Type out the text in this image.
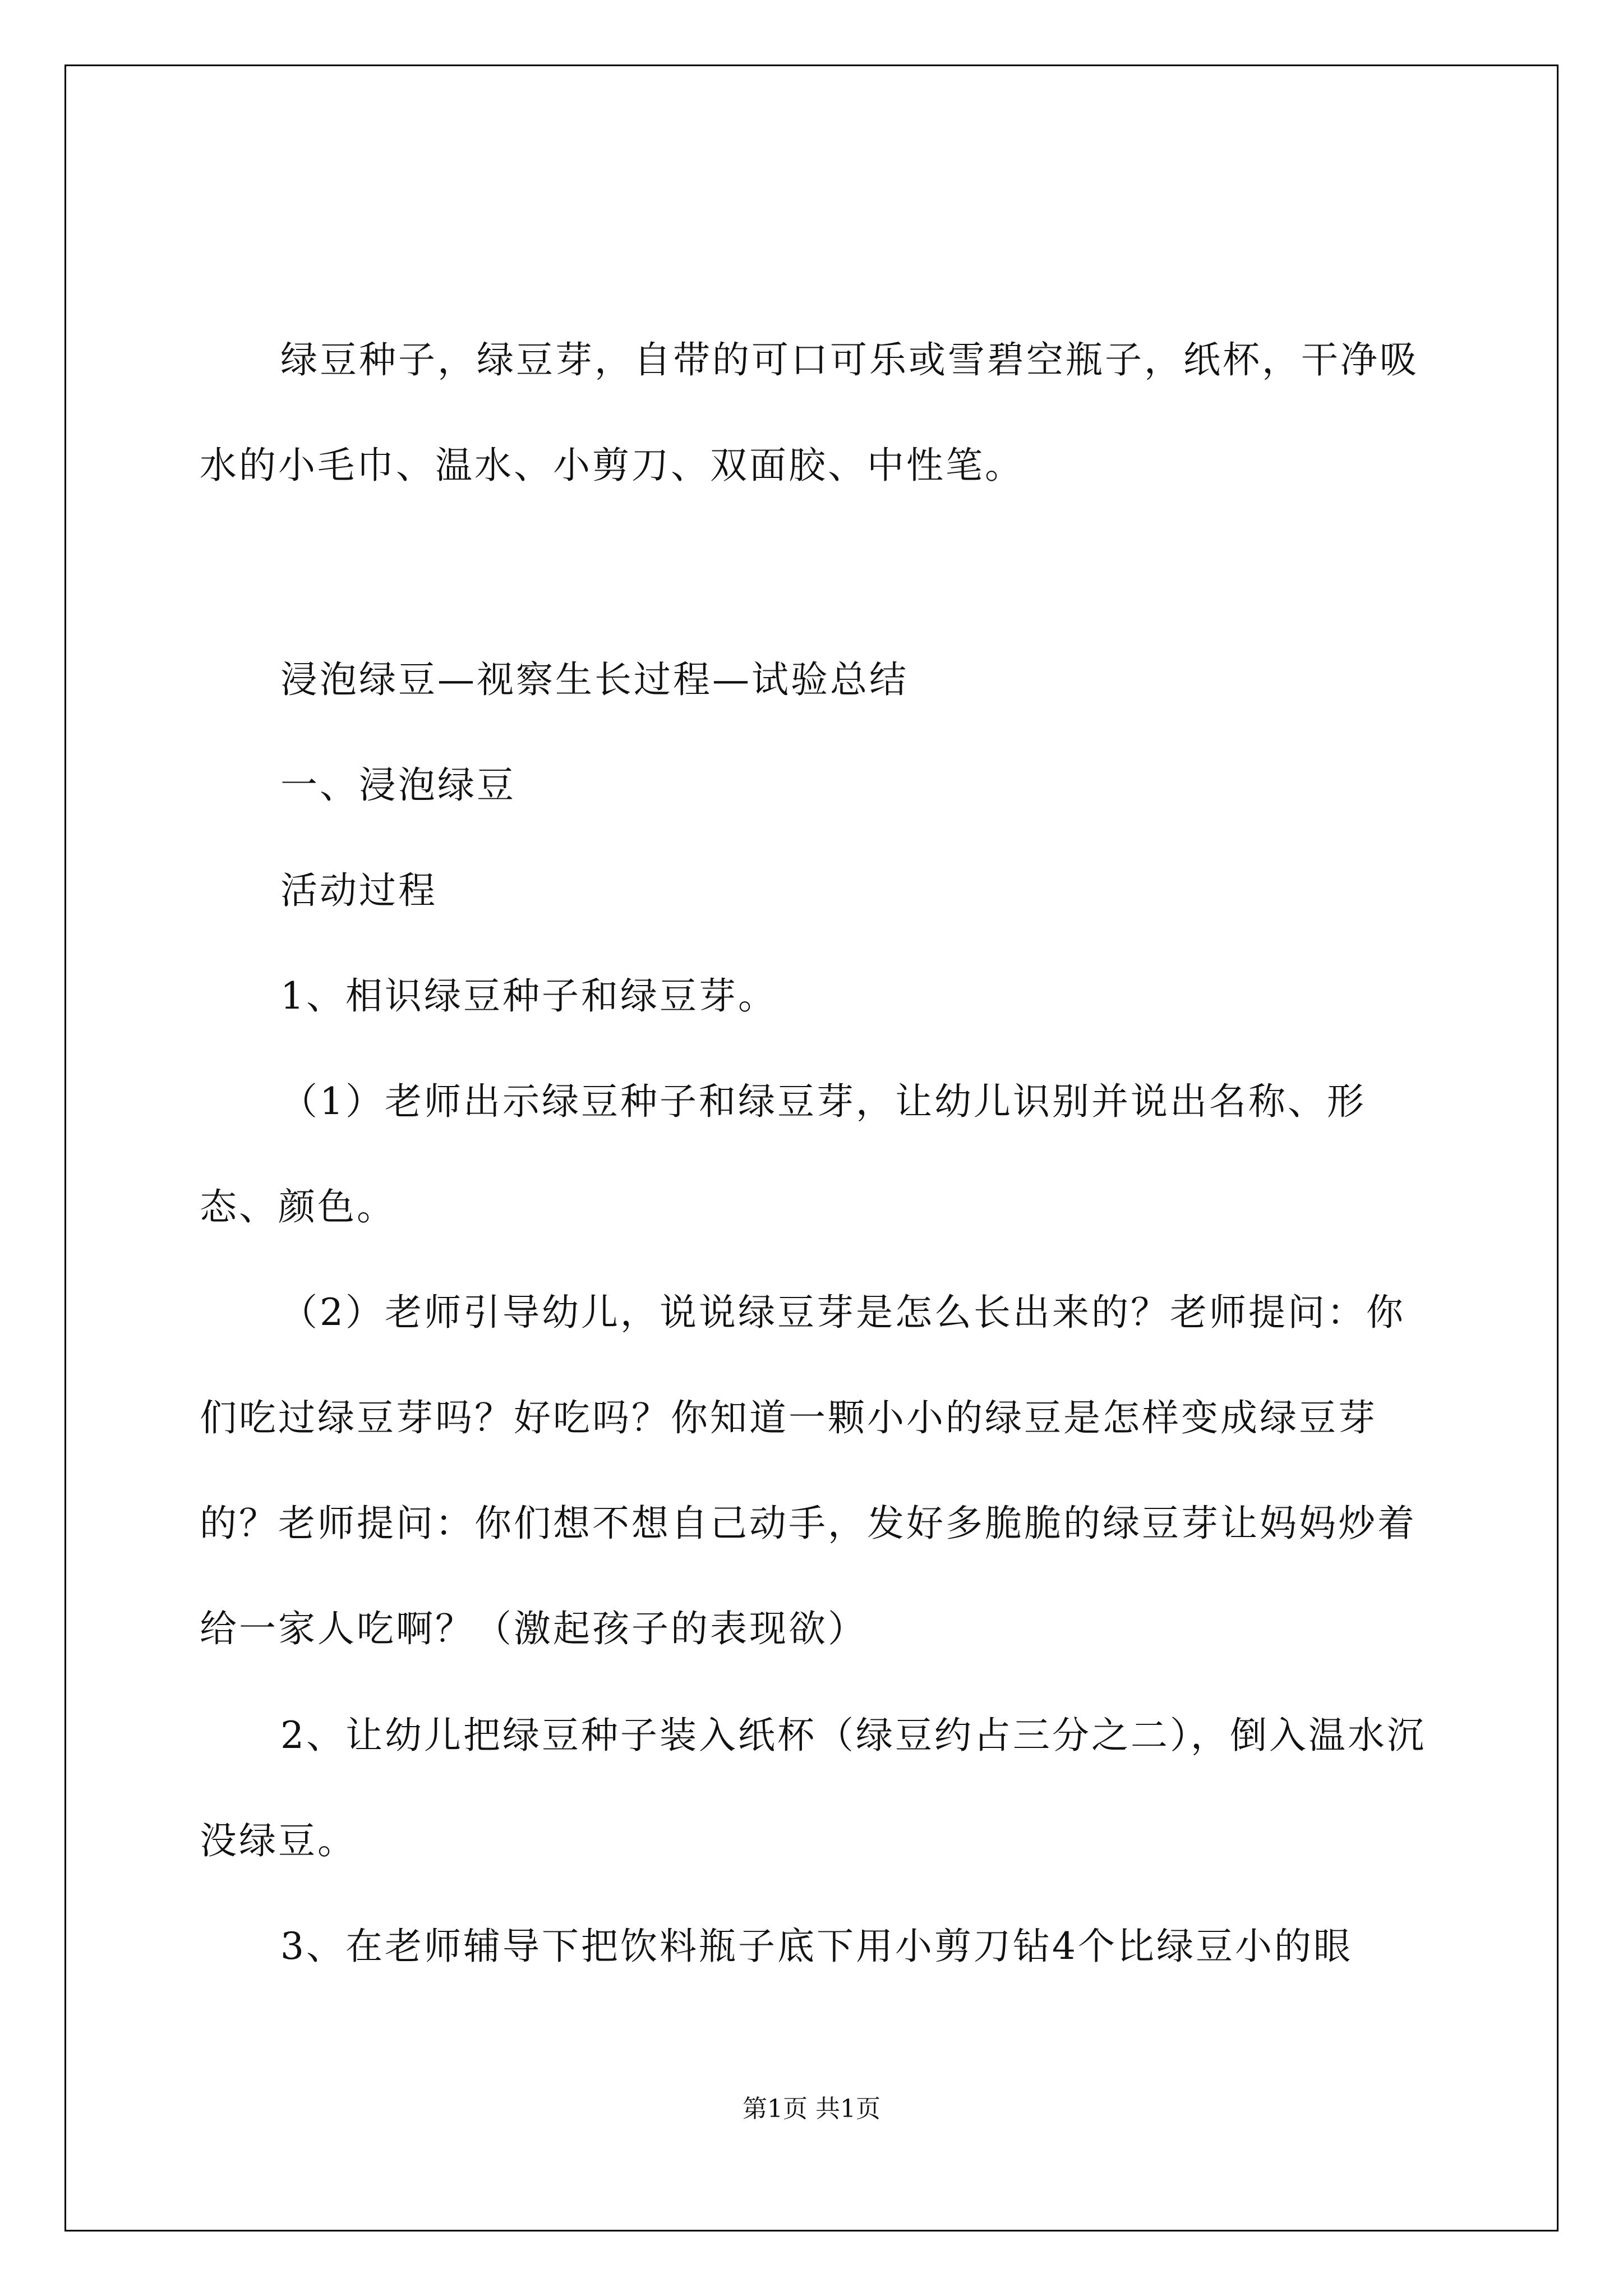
绿豆种子，绿豆芽，自带的可口可乐或雪碧空瓶子，纸杯，干净吸水的小毛巾、温水、小剪刀、双面胶、中性笔。

浸泡绿豆—视察生长过程—试验总结

一、浸泡绿豆

活动过程

1、相识绿豆种子和绿豆芽。

（1）老师出示绿豆种子和绿豆芽，让幼儿识别并说出名称、形态、颜色。

（2）老师引导幼儿，说说绿豆芽是怎么长出来的？老师提问：你们吃过绿豆芽吗？好吃吗？你知道一颗小小的绿豆是怎样变成绿豆芽的？老师提问：你们想不想自己动手，发好多脆脆的绿豆芽让妈妈炒着给一家人吃啊？（激起孩子的表现欲）

2、让幼儿把绿豆种子装入纸杯（绿豆约占三分之二），倒入温水沉没绿豆。

3、在老师辅导下把饮料瓶子底下用小剪刀钻4个比绿豆小的眼

第1页 共1页
